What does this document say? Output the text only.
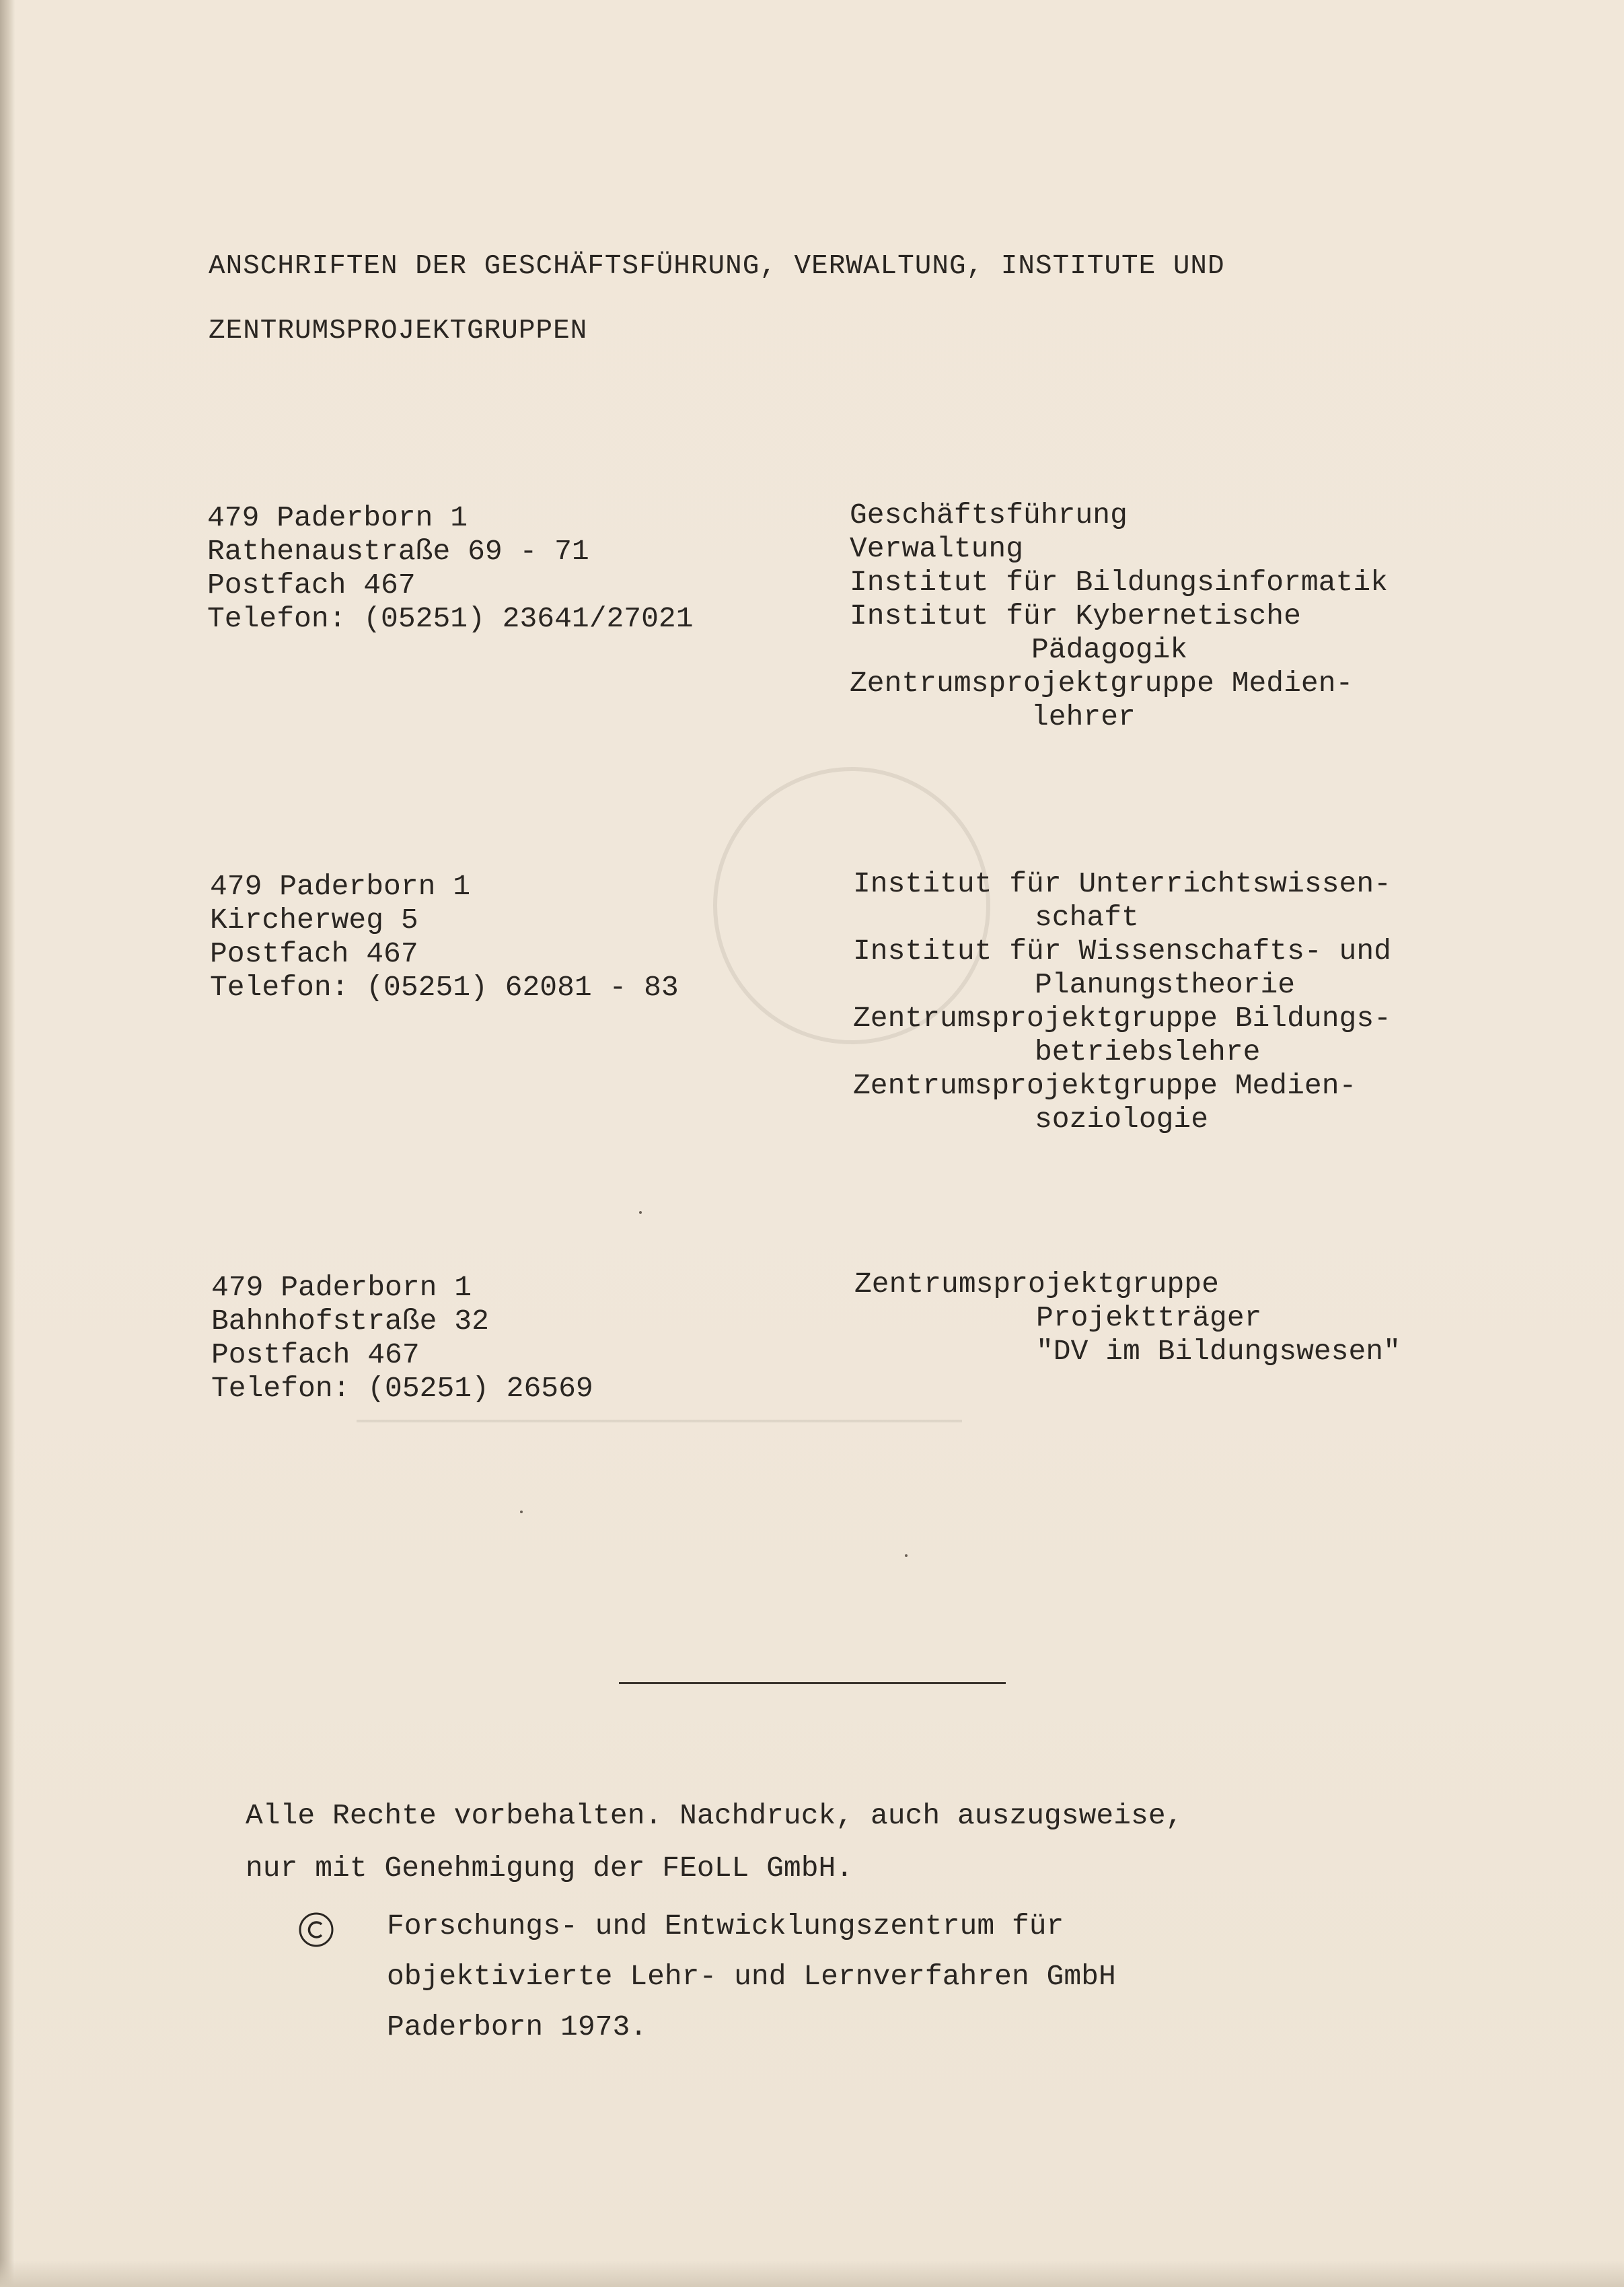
ANSCHRIFTEN DER GESCHÄFTSFÜHRUNG, VERWALTUNG, INSTITUTE UND
ZENTRUMSPROJEKTGRUPPEN
479 Paderborn 1
Rathenaustraße 69 - 71
Postfach 467
Telefon: (05251) 23641/27021
Geschäftsführung
Verwaltung
Institut für Bildungsinformatik
Institut für Kybernetische
Pädagogik
Zentrumsprojektgruppe Medien-
lehrer
479 Paderborn 1
Kircherweg 5
Postfach 467
Telefon: (05251) 62081 - 83
Institut für Unterrichtswissen-
schaft
Institut für Wissenschafts- und
Planungstheorie
Zentrumsprojektgruppe Bildungs-
betriebslehre
Zentrumsprojektgruppe Medien-
soziologie
479 Paderborn 1
Bahnhofstraße 32
Postfach 467
Telefon: (05251) 26569
Zentrumsprojektgruppe
Projektträger
"DV im Bildungswesen"
Alle Rechte vorbehalten. Nachdruck, auch auszugsweise,
nur mit Genehmigung der FEoLL GmbH.
Forschungs- und Entwicklungszentrum für
objektivierte Lehr- und Lernverfahren GmbH
Paderborn 1973.
